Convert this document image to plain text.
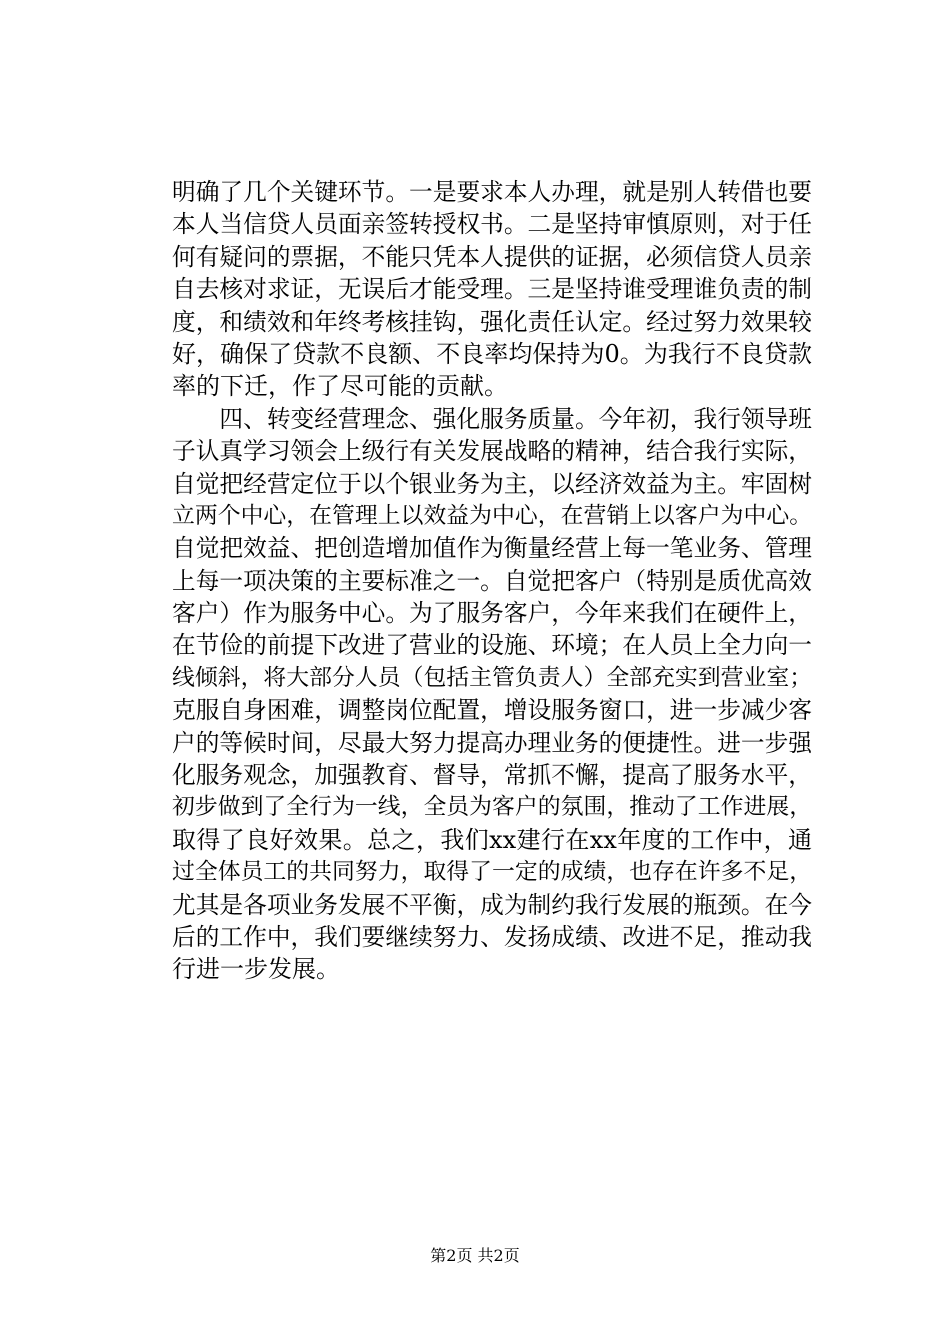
明确了几个关键环节。一是要求本人办理，就是别人转借也要
本人当信贷人员面亲签转授权书。二是坚持审慎原则，对于任
何有疑问的票据，不能只凭本人提供的证据，必须信贷人员亲
自去核对求证，无误后才能受理。三是坚持谁受理谁负责的制
度，和绩效和年终考核挂钩，强化责任认定。经过努力效果较
好，确保了贷款不良额、不良率均保持为0。为我行不良贷款
率的下迁，作了尽可能的贡献。
　　四、转变经营理念、强化服务质量。今年初，我行领导班
子认真学习领会上级行有关发展战略的精神，结合我行实际，
自觉把经营定位于以个银业务为主，以经济效益为主。牢固树
立两个中心，在管理上以效益为中心，在营销上以客户为中心。
自觉把效益、把创造增加值作为衡量经营上每一笔业务、管理
上每一项决策的主要标准之一。自觉把客户（特别是质优高效
客户）作为服务中心。为了服务客户，今年来我们在硬件上，
在节俭的前提下改进了营业的设施、环境；在人员上全力向一
线倾斜，将大部分人员（包括主管负责人）全部充实到营业室；
克服自身困难，调整岗位配置，增设服务窗口，进一步减少客
户的等候时间，尽最大努力提高办理业务的便捷性。进一步强
化服务观念，加强教育、督导，常抓不懈，提高了服务水平，
初步做到了全行为一线，全员为客户的氛围，推动了工作进展，
取得了良好效果。总之，我们xx建行在xx年度的工作中，通
过全体员工的共同努力，取得了一定的成绩，也存在许多不足，
尤其是各项业务发展不平衡，成为制约我行发展的瓶颈。在今
后的工作中，我们要继续努力、发扬成绩、改进不足，推动我
行进一步发展。
第2页 共2页
